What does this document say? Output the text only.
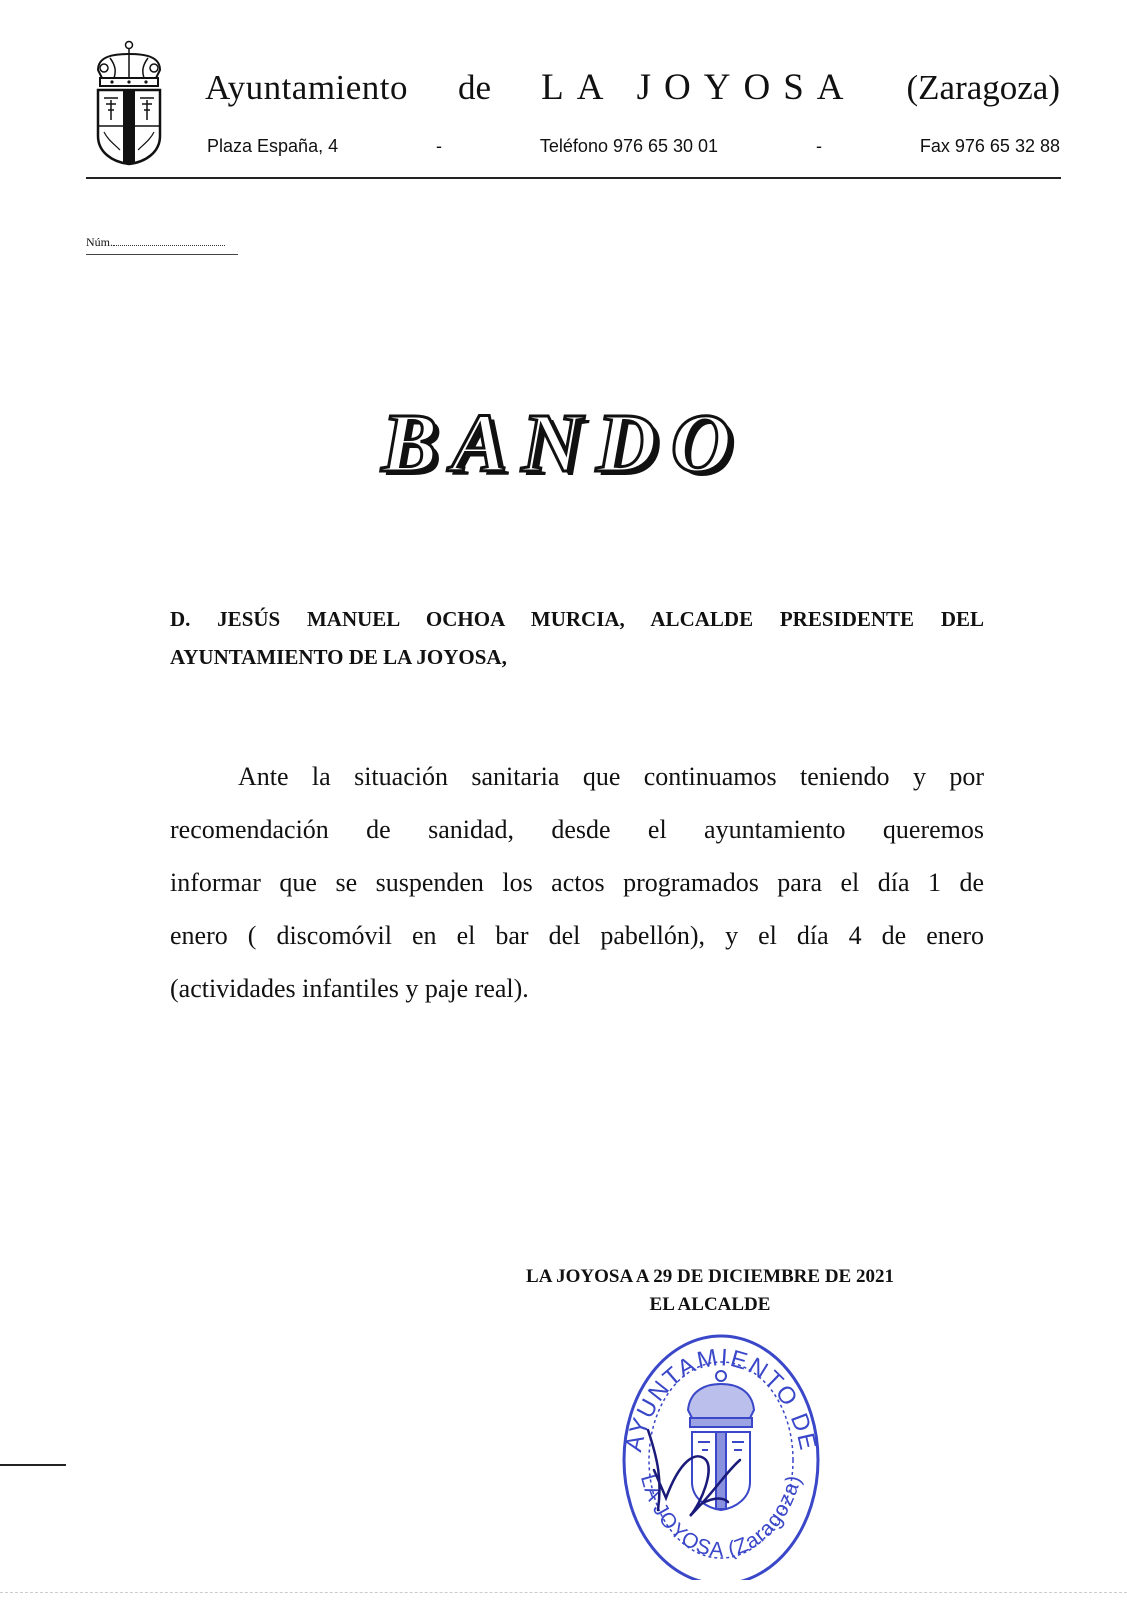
Ayuntamiento de LA JOYOSA (Zaragoza)
Plaza España, 4	-	Teléfono 976 65 30 01	-	Fax 976 65 32 88
Núm.
BANDO
D. JESÚS MANUEL OCHOA MURCIA, ALCALDE PRESIDENTE DEL
AYUNTAMIENTO DE LA JOYOSA,
Ante la situación sanitaria que continuamos teniendo y por
recomendación de sanidad, desde el ayuntamiento queremos
informar que se suspenden los actos programados para el día 1 de
enero ( discomóvil en el bar del pabellón), y el día 4 de enero
(actividades infantiles y paje real).
LA JOYOSA A 29 DE DICIEMBRE DE 2021
EL ALCALDE
AYUNTAMIENTO DE
LA JOYOSA (Zaragoza)
